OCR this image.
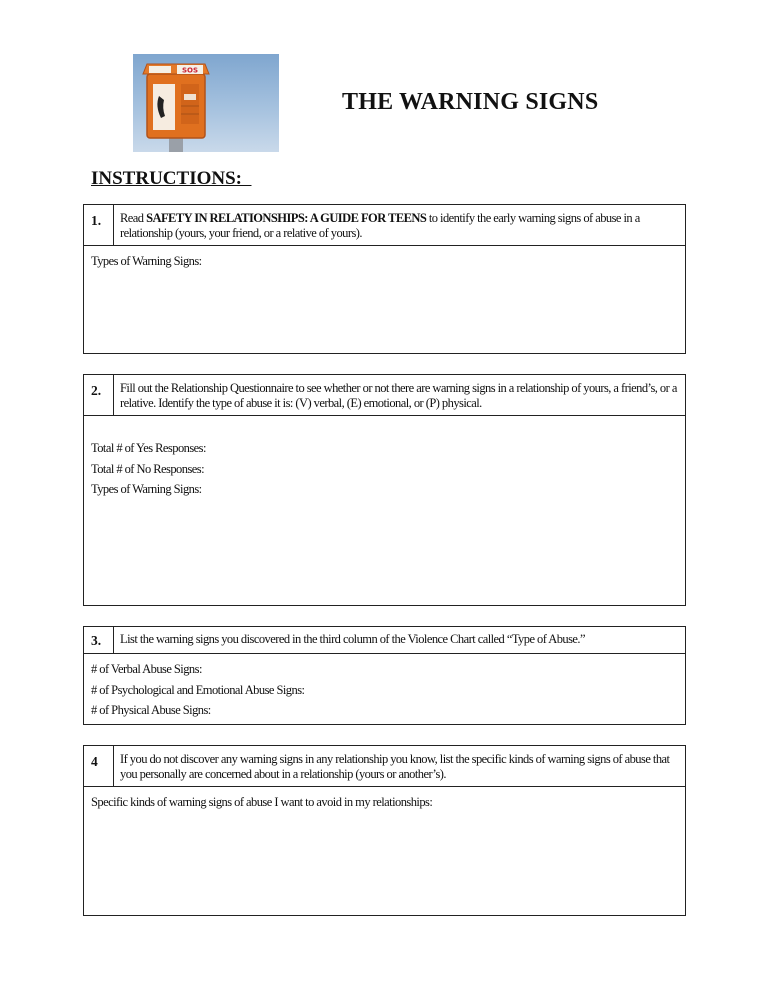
SOS
THE WARNING SIGNS
INSTRUCTIONS:
1.	Read SAFETY IN RELATIONSHIPS: A GUIDE FOR TEENS to identify the early warning signs of abuse in a relationship (yours, your friend, or a relative of yours).
Types of Warning Signs:
2.	Fill out the Relationship Questionnaire to see whether or not there are warning signs in a relationship of yours, a friend’s, or a relative. Identify the type of abuse it is: (V) verbal, (E) emotional, or (P) physical.
Total # of Yes Responses:
Total # of No Responses:
Types of Warning Signs:
3.	List the warning signs you discovered in the third column of the Violence Chart called “Type of Abuse.”
# of Verbal Abuse Signs:
# of Psychological and Emotional Abuse Signs:
# of Physical Abuse Signs:
4	If you do not discover any warning signs in any relationship you know, list the specific kinds of warning signs of abuse that you personally are concerned about in a relationship (yours or another’s).
Specific kinds of warning signs of abuse I want to avoid in my relationships:
